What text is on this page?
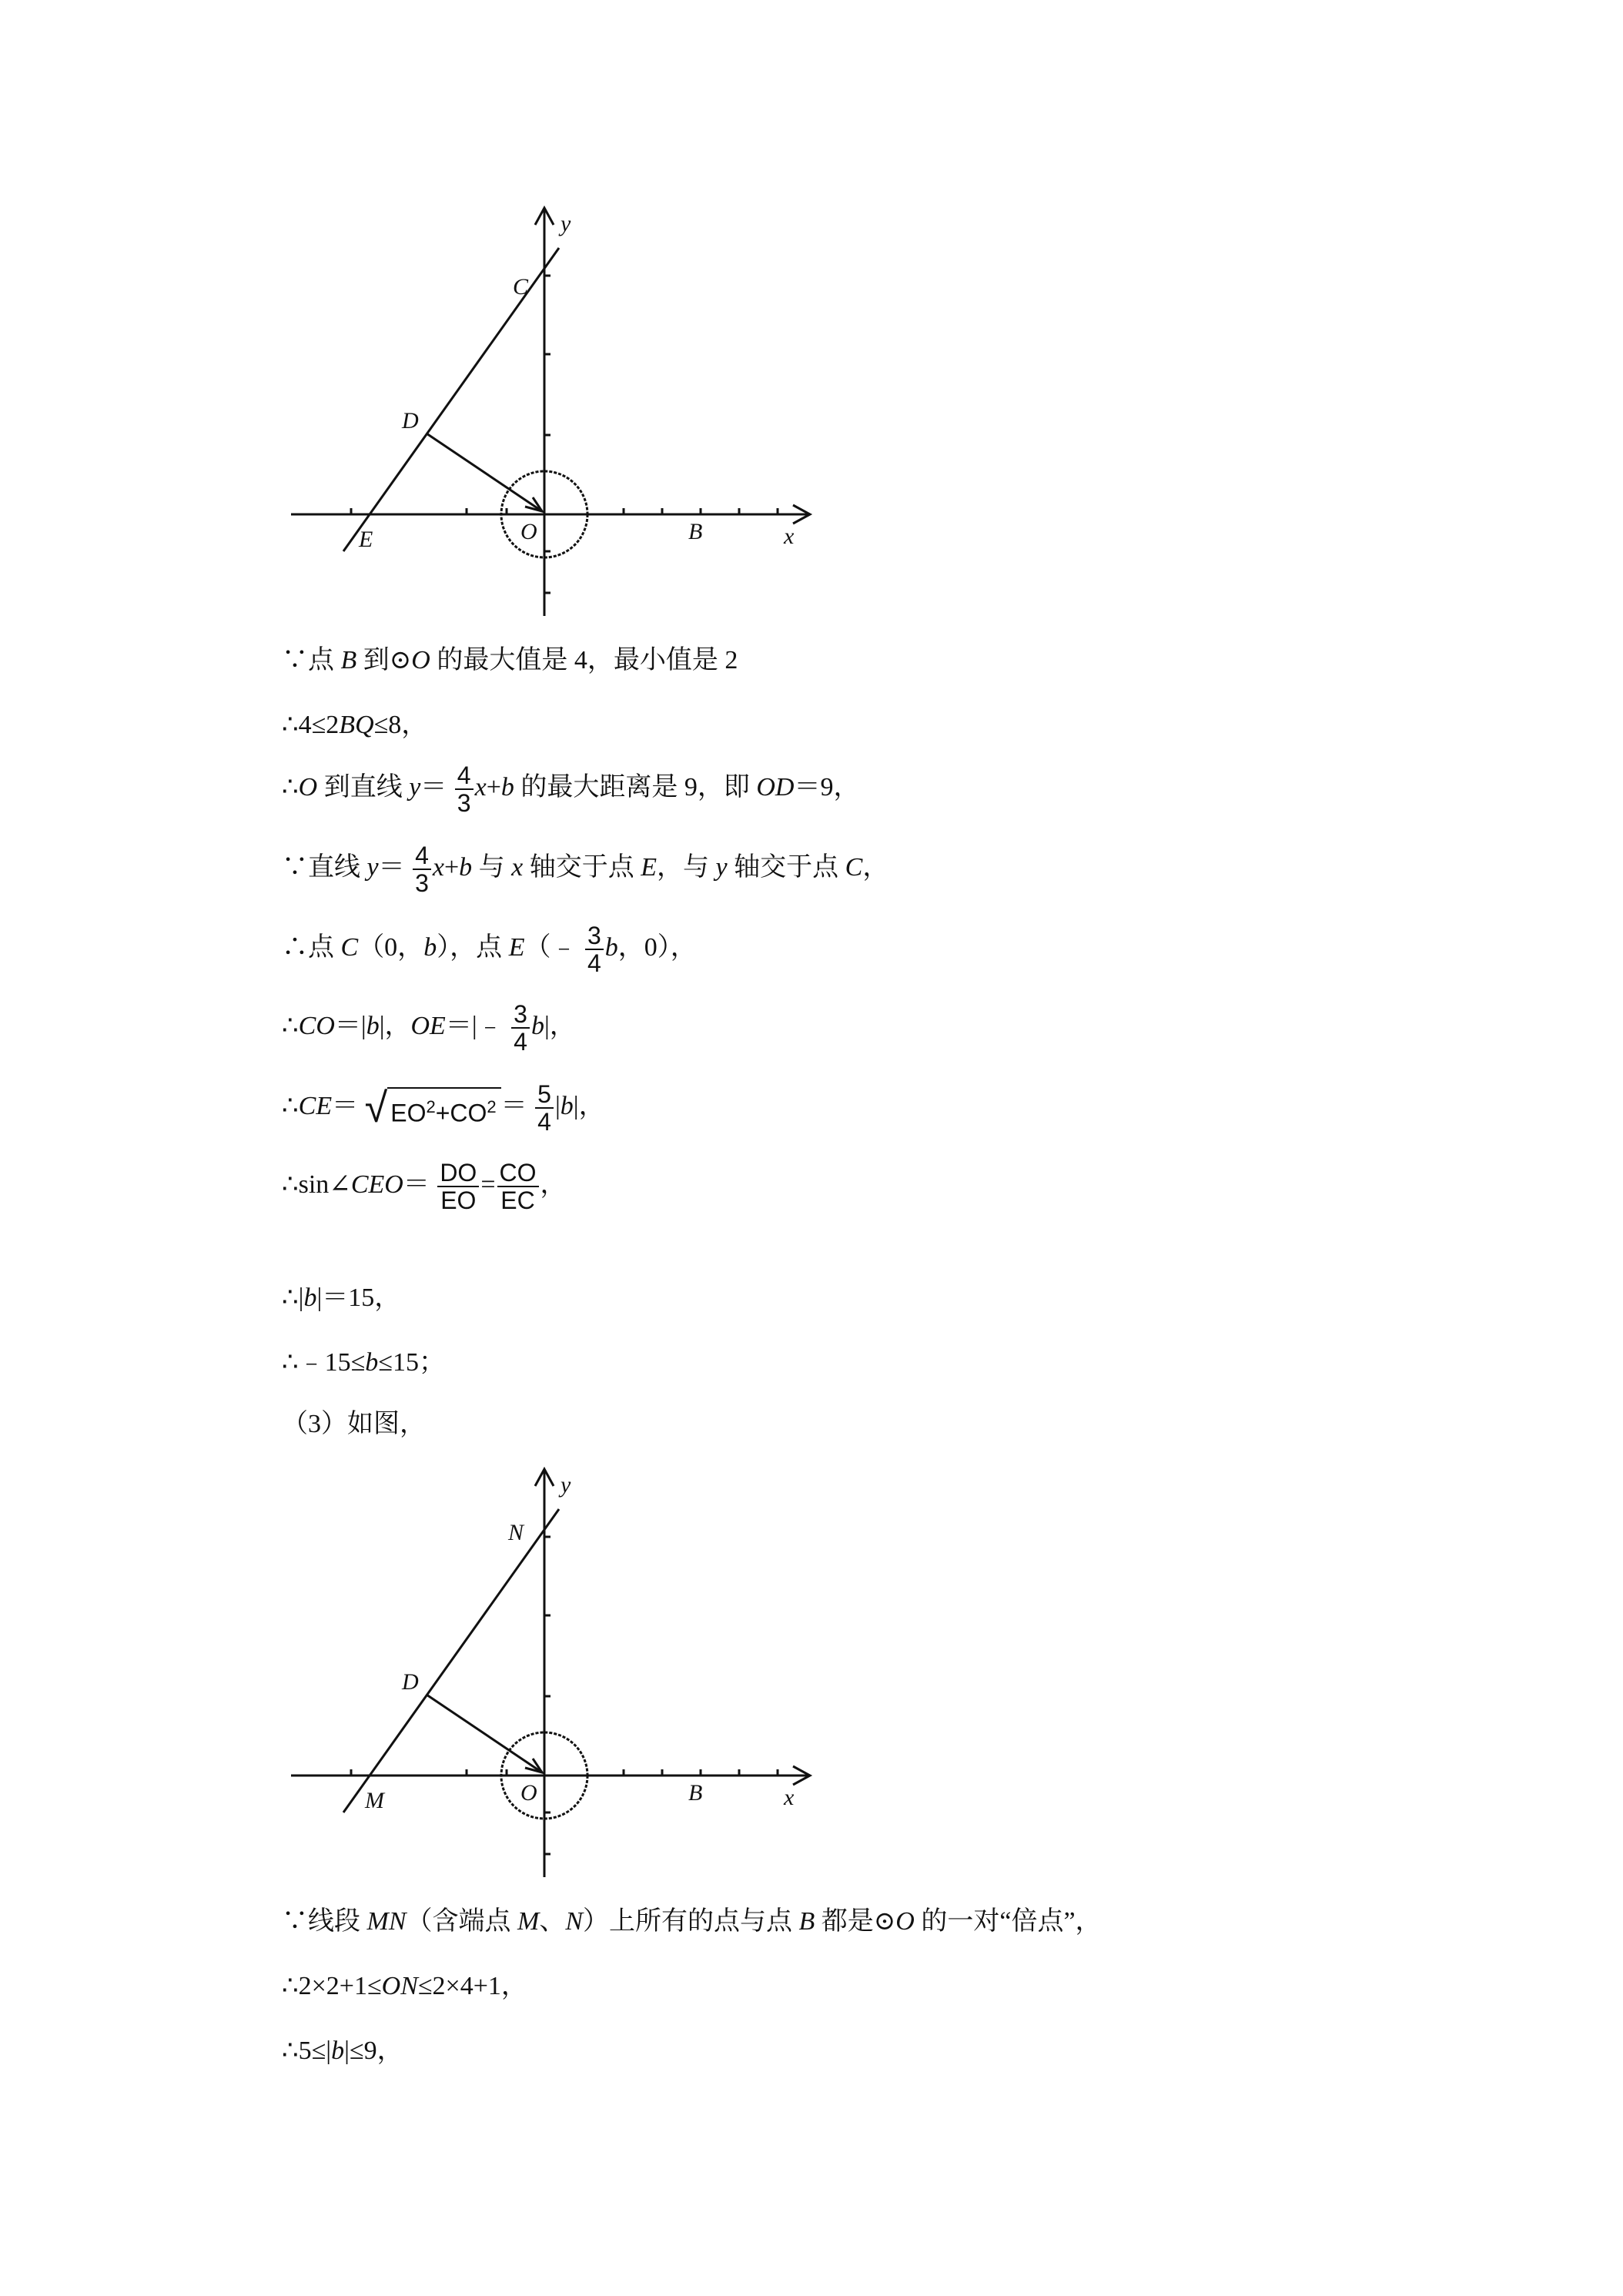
y
C
D
E	O	B	x
∵点 B 到⊙O 的最大值是 4，最小值是 2
∴4≤2BQ≤8，
∴O 到直线 $y= \frac{4}{3} x+b$ 的最大距离是 9，即 OD＝9，
∵直线 $y= \frac{4}{3} x+b$ 与 x 轴交于点 E，与 y 轴交于点 C，
∴点 C（0，b），点 E（﹣ $\frac{3}{4}$ b，0），
∴CO＝|b|，OE＝|﹣ $\frac{3}{4} b|$，
∴CE＝ √ $EO^2+CO^2 = \frac{5}{4} |b|$，
∴sin∠CEO＝ $\frac{DO}{EO} = \frac{CO}{EC}$ ，
∴|b|＝15，
∴﹣15≤b≤15；
（3）如图，
y
N
D
M	O	B	x
∵线段 MN（含端点 M、N）上所有的点与点 B 都是⊙O 的一对“倍点”，
∴2×2+1≤ON≤2×4+1，
∴5≤|b|≤9，
